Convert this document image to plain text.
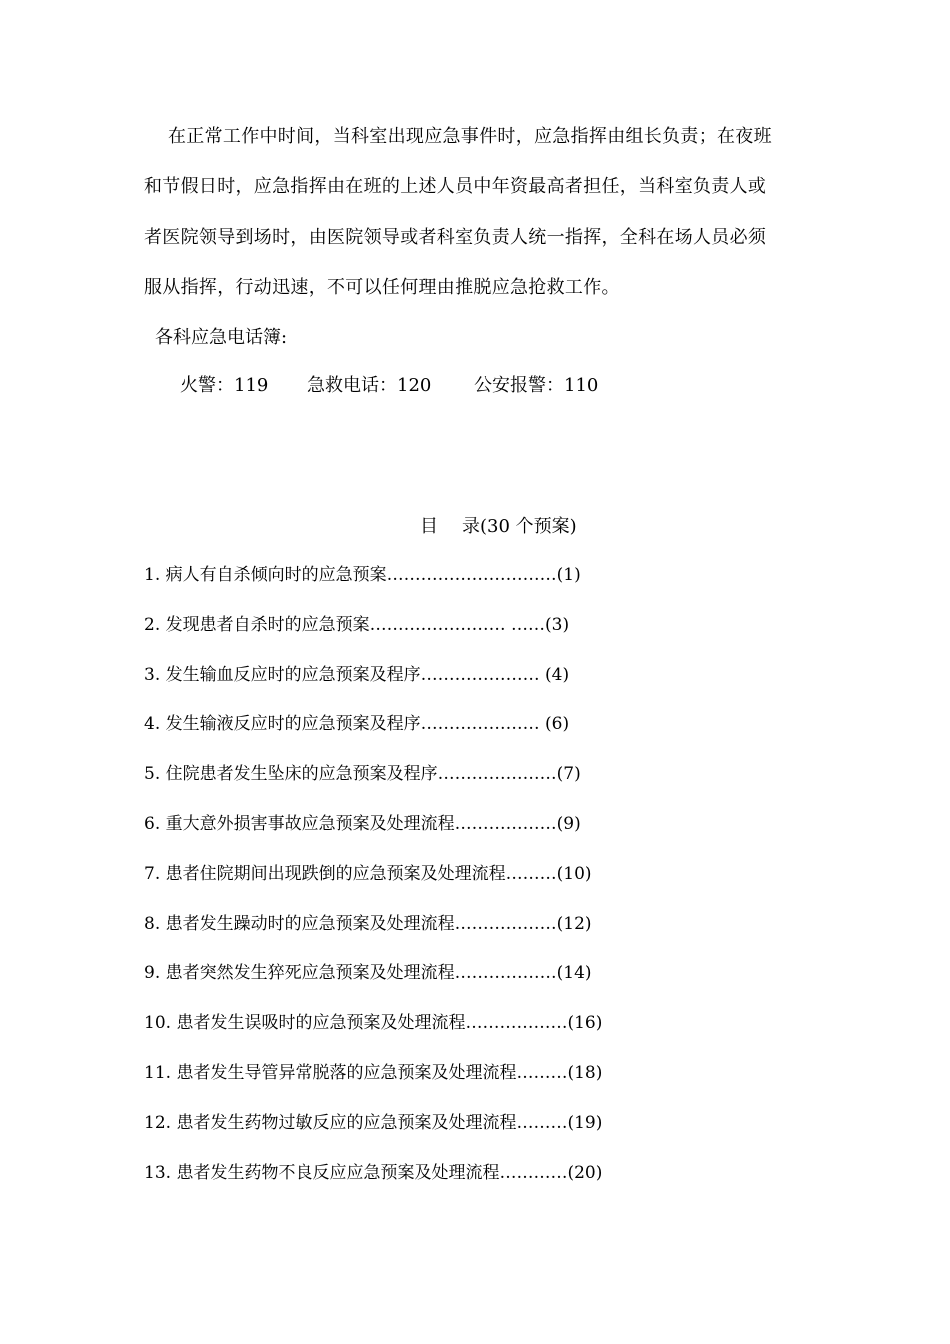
在正常工作中时间，当科室出现应急事件时，应急指挥由组长负责；在夜班
和节假日时，应急指挥由在班的上述人员中年资最高者担任，当科室负责人或
者医院领导到场时，由医院领导或者科室负责人统一指挥，全科在场人员必须
服从指挥，行动迅速，不可以任何理由推脱应急抢救工作。
各科应急电话簿:
火警：119 急救电话：120 公安报警：110
目 录(30 个预案)
1. 病人有自杀倾向时的应急预案…………………………(1)
2. 发现患者自杀时的应急预案…………………… ……(3)
3. 发生输血反应时的应急预案及程序………………… (4)
4. 发生输液反应时的应急预案及程序………………… (6)
5. 住院患者发生坠床的应急预案及程序…………………(7)
6. 重大意外损害事故应急预案及处理流程………………(9)
7. 患者住院期间出现跌倒的应急预案及处理流程………(10)
8. 患者发生躁动时的应急预案及处理流程………………(12)
9. 患者突然发生猝死应急预案及处理流程………………(14)
10. 患者发生误吸时的应急预案及处理流程………………(16)
11. 患者发生导管异常脱落的应急预案及处理流程………(18)
12. 患者发生药物过敏反应的应急预案及处理流程………(19)
13. 患者发生药物不良反应应急预案及处理流程…………(20)
